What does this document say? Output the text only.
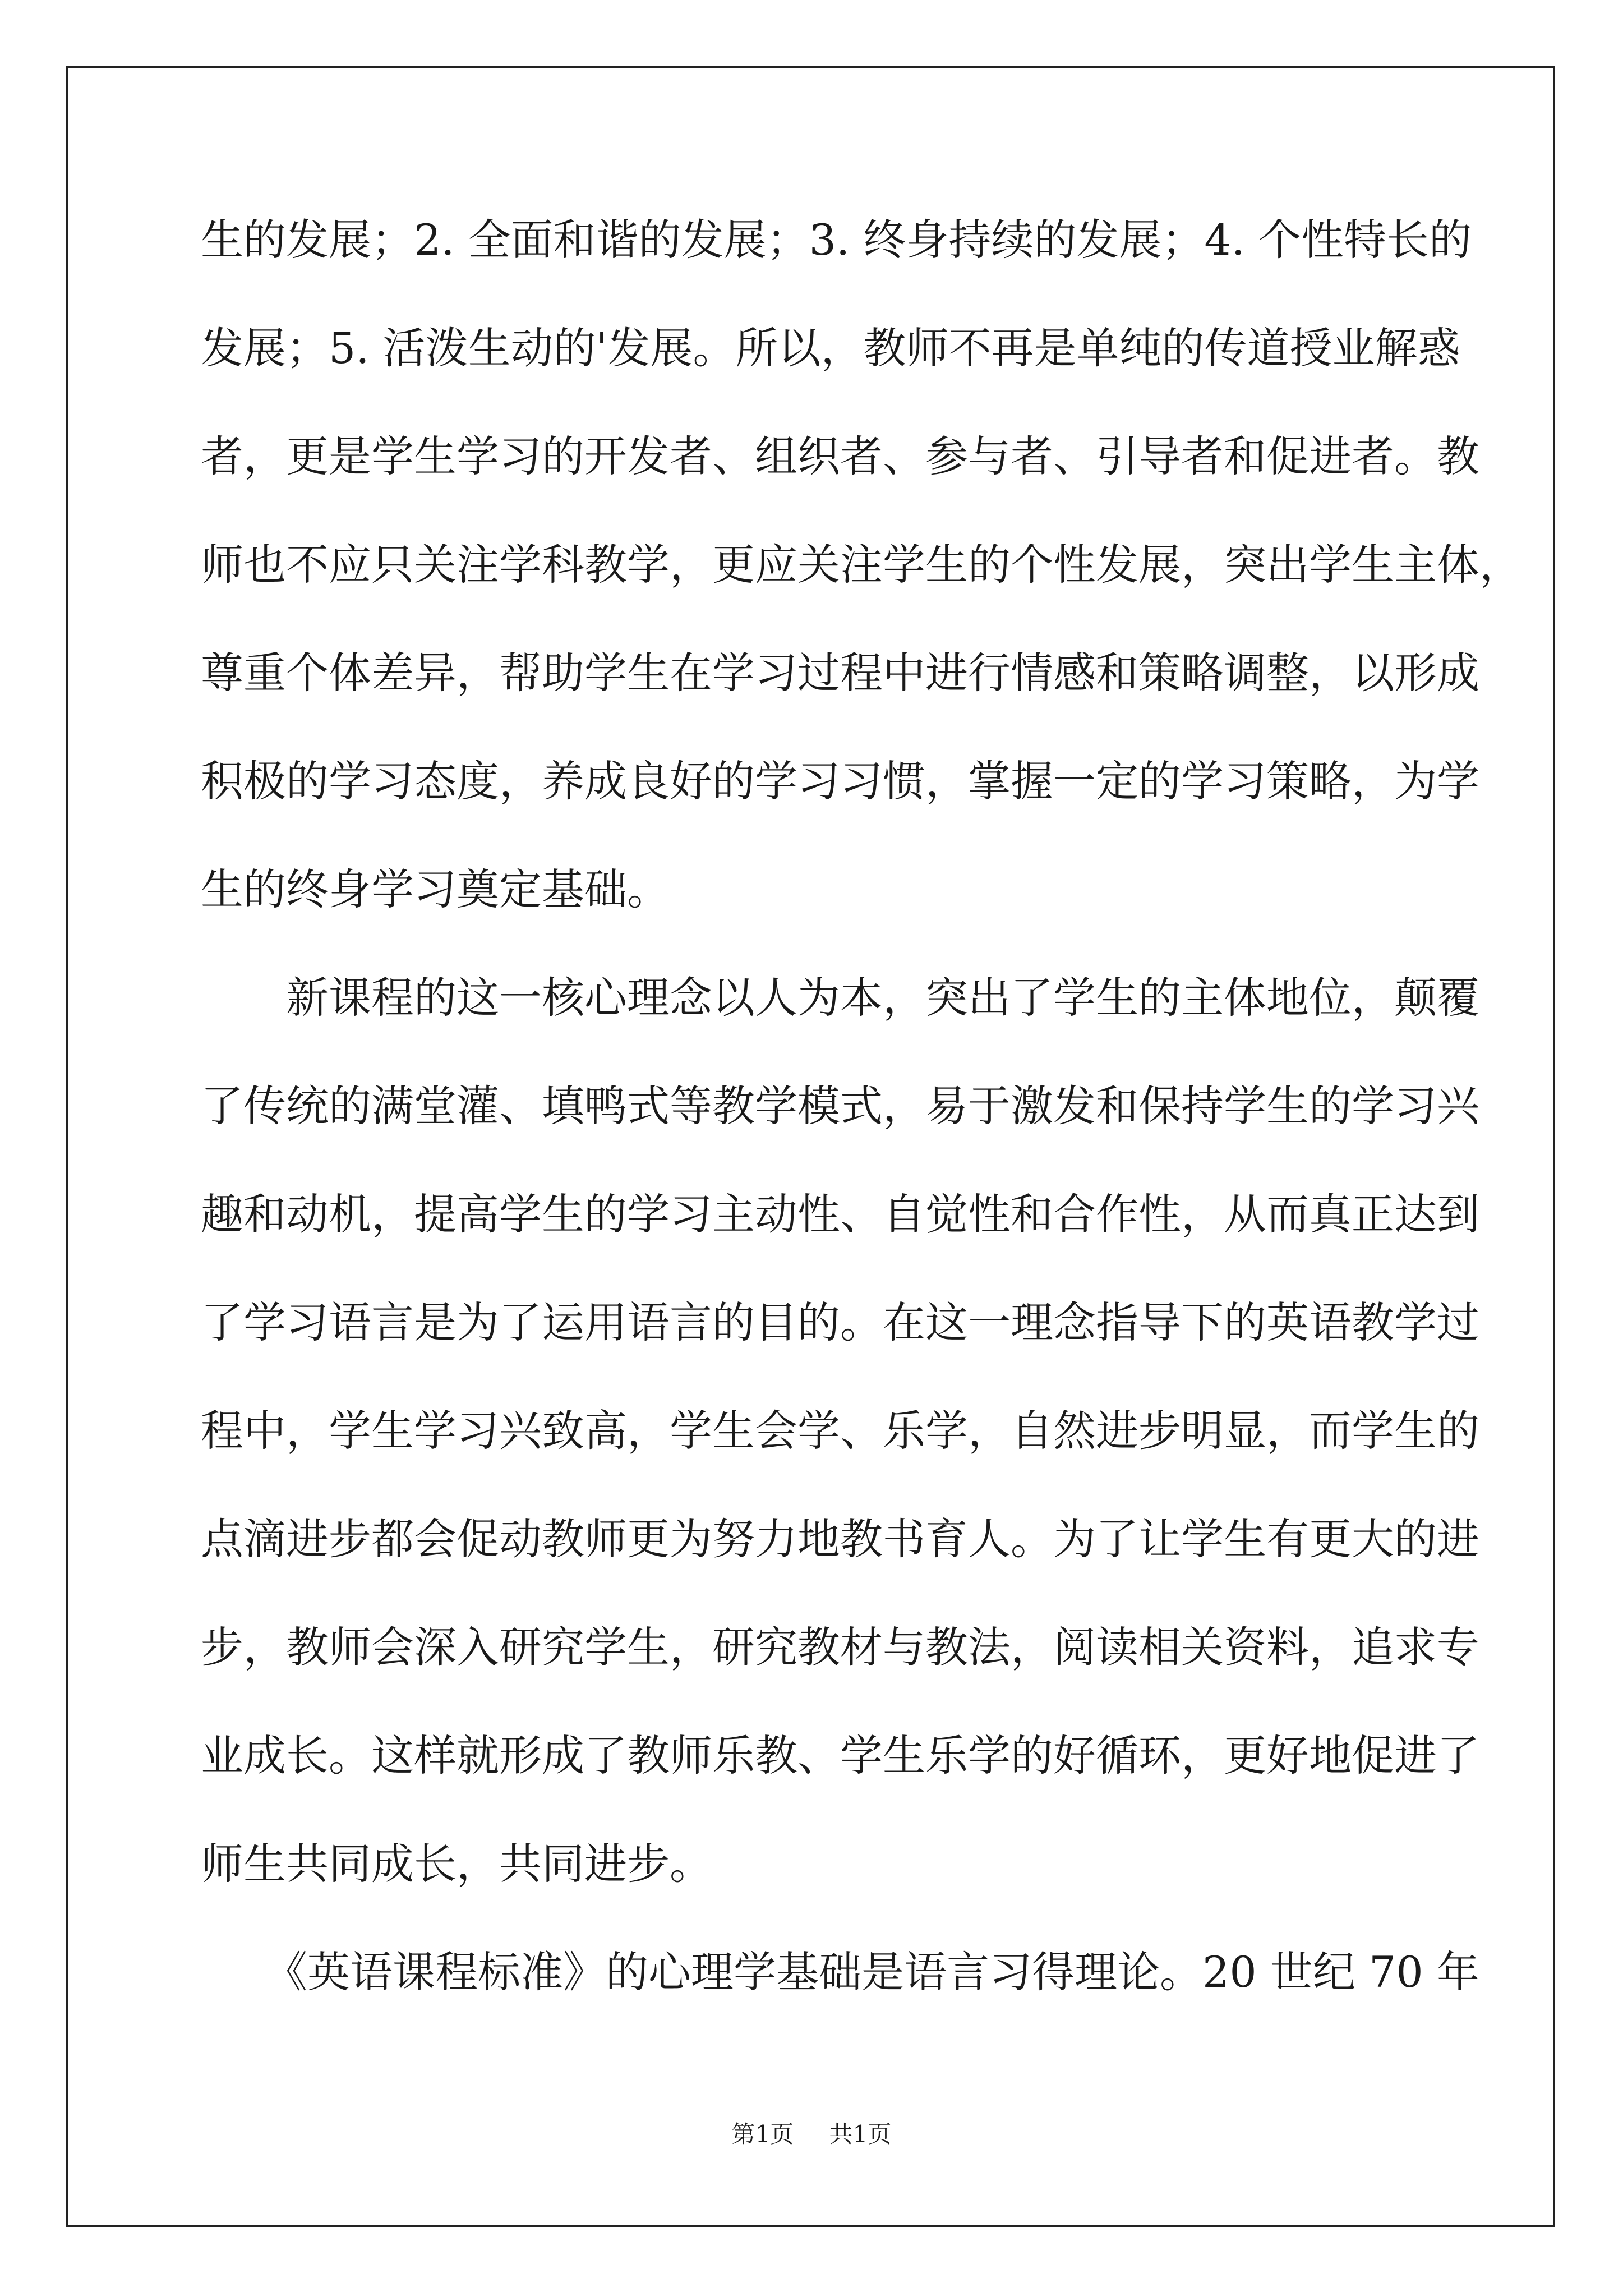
生的发展；2. 全面和谐的发展；3. 终身持续的发展；4. 个性特长的
发展；5. 活泼生动的'发展。所以，教师不再是单纯的传道授业解惑
者，更是学生学习的开发者、组织者、参与者、引导者和促进者。教
师也不应只关注学科教学，更应关注学生的个性发展，突出学生主体，
尊重个体差异，帮助学生在学习过程中进行情感和策略调整，以形成
积极的学习态度，养成良好的学习习惯，掌握一定的学习策略，为学
生的终身学习奠定基础。
　　新课程的这一核心理念以人为本，突出了学生的主体地位，颠覆
了传统的满堂灌、填鸭式等教学模式，易于激发和保持学生的学习兴
趣和动机，提高学生的学习主动性、自觉性和合作性，从而真正达到
了学习语言是为了运用语言的目的。在这一理念指导下的英语教学过
程中，学生学习兴致高，学生会学、乐学，自然进步明显，而学生的
点滴进步都会促动教师更为努力地教书育人。为了让学生有更大的进
步，教师会深入研究学生，研究教材与教法，阅读相关资料，追求专
业成长。这样就形成了教师乐教、学生乐学的好循环，更好地促进了
师生共同成长，共同进步。
　　《英语课程标准》的心理学基础是语言习得理论。20 世纪 70 年
第1页 共1页
